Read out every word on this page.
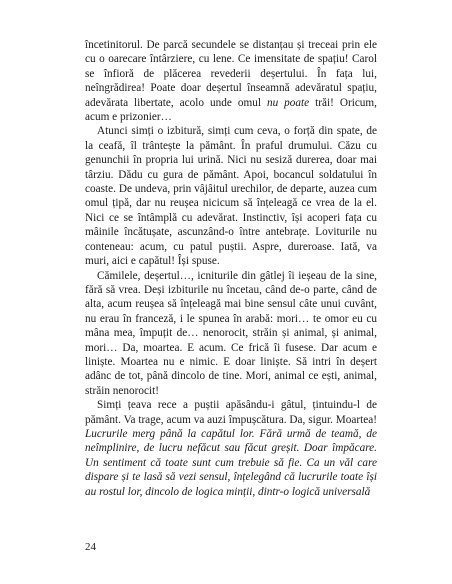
încetinitorul. De parcă secundele se distanțau și treceai prin ele cu o oarecare întârziere, cu lene. Ce imensitate de spațiu! Carol se înfioră de plăcerea revederii deșertului. În fața lui, neîngrădirea! Poate doar deșertul înseamnă adevăratul spațiu, adevărata libertate, acolo unde omul nu poate trăi! Oricum, acum e prizonier…

Atunci simți o izbitură, simți cum ceva, o forță din spate, de la ceafă, îl trântește la pământ. În praful drumului. Căzu cu genunchii în propria lui urină. Nici nu sesiză durerea, doar mai târziu. Dădu cu gura de pământ. Apoi, bocancul soldatului în coaste. De undeva, prin vâjâitul urechilor, de departe, auzea cum omul țipă, dar nu reușea nicicum să înțeleagă ce vrea de la el. Nici ce se întâmplă cu adevărat. Instinctiv, își acoperi fața cu mâinile încătușate, ascunzând-o între antebrațe. Loviturile nu conteneau: acum, cu patul puștii. Aspre, dureroase. Iată, va muri, aici e capătul! Își spuse.

Cămilele, deșertul…, icniturile din gâtlej îi ieșeau de la sine, fără să vrea. Deși izbiturile nu încetau, când de-o parte, când de alta, acum reușea să înțeleagă mai bine sensul câte unui cuvânt, nu erau în franceză, i le spunea în arabă: mori… te omor eu cu mâna mea, împuțit de… nenorocit, străin și animal, și animal, mori… Da, moartea. E acum. Ce frică îi fusese. Dar acum e liniște. Moartea nu e nimic. E doar liniște. Să intri în deșert adânc de tot, până dincolo de tine. Mori, animal ce ești, animal, străin nenorocit!

Simți țeava rece a puștii apăsându-i gâtul, țintuindu-l de pământ. Va trage, acum va auzi împușcătura. Da, sigur. Moartea! Lucrurile merg până la capătul lor. Fără urmă de teamă, de neîmplinire, de lucru nefăcut sau făcut greșit. Doar împăcare. Un sentiment că toate sunt cum trebuie să fie. Ca un văl care dispare și te lasă să vezi sensul, înțelegând că lucrurile toate își au rostul lor, dincolo de logica minții, dintr-o logică universală

24
